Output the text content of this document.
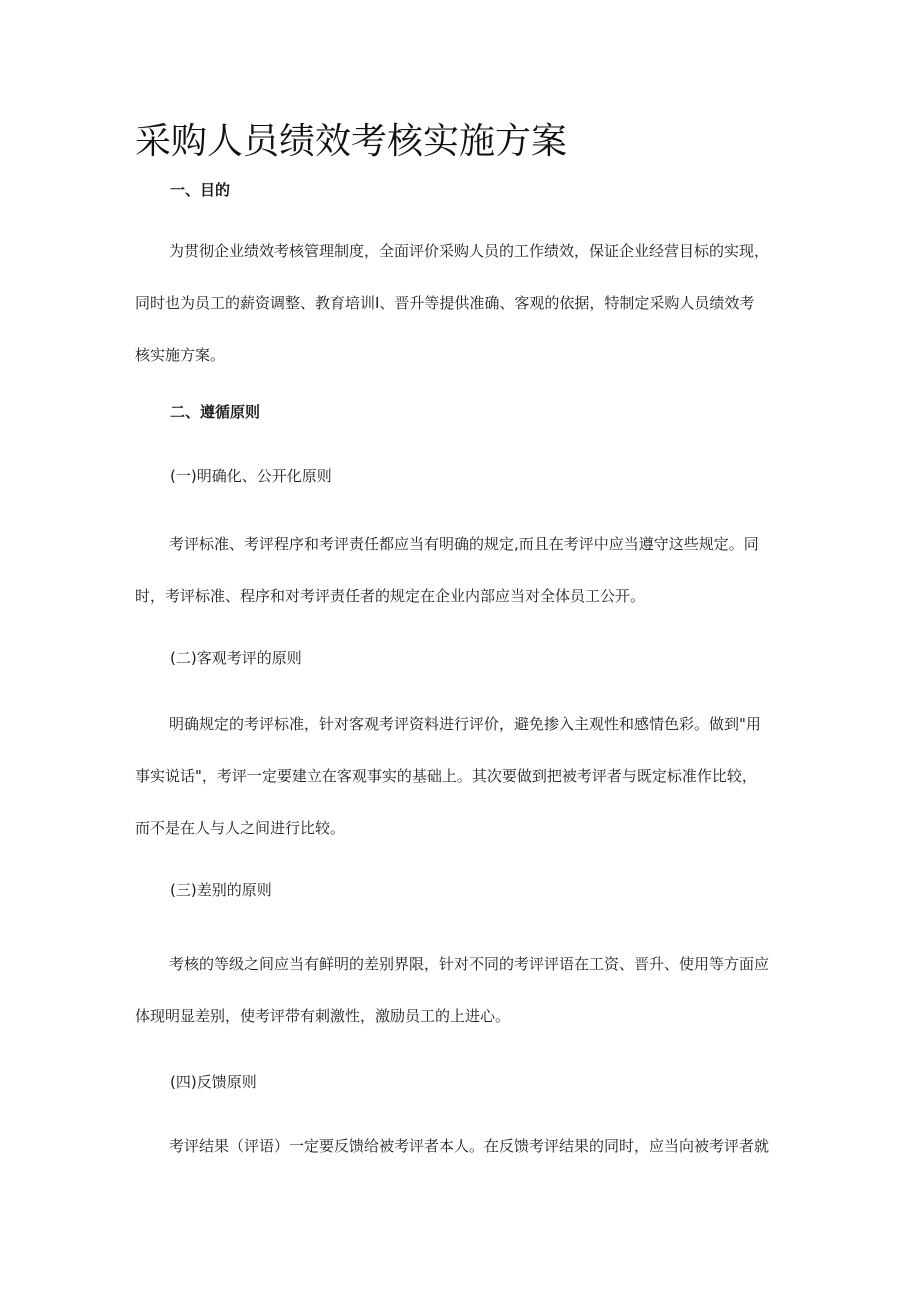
采购人员绩效考核实施方案
一、目的
为贯彻企业绩效考核管理制度，全面评价采购人员的工作绩效，保证企业经营目标的实现，
同时也为员工的薪资调整、教育培训I、晋升等提供准确、客观的依据，特制定采购人员绩效考
核实施方案。
二、遵循原则
(一)明确化、公开化原则
考评标准、考评程序和考评责任都应当有明确的规定,而且在考评中应当遵守这些规定。同
时，考评标准、程序和对考评责任者的规定在企业内部应当对全体员工公开。
(二)客观考评的原则
明确规定的考评标准，针对客观考评资料进行评价，避免掺入主观性和感情色彩。做到"用
事实说话"，考评一定要建立在客观事实的基础上。其次要做到把被考评者与既定标准作比较，
而不是在人与人之间进行比较。
(三)差别的原则
考核的等级之间应当有鲜明的差别界限，针对不同的考评评语在工资、晋升、使用等方面应
体现明显差别，使考评带有刺激性，激励员工的上进心。
(四)反馈原则
考评结果（评语）一定要反馈给被考评者本人。在反馈考评结果的同时，应当向被考评者就
